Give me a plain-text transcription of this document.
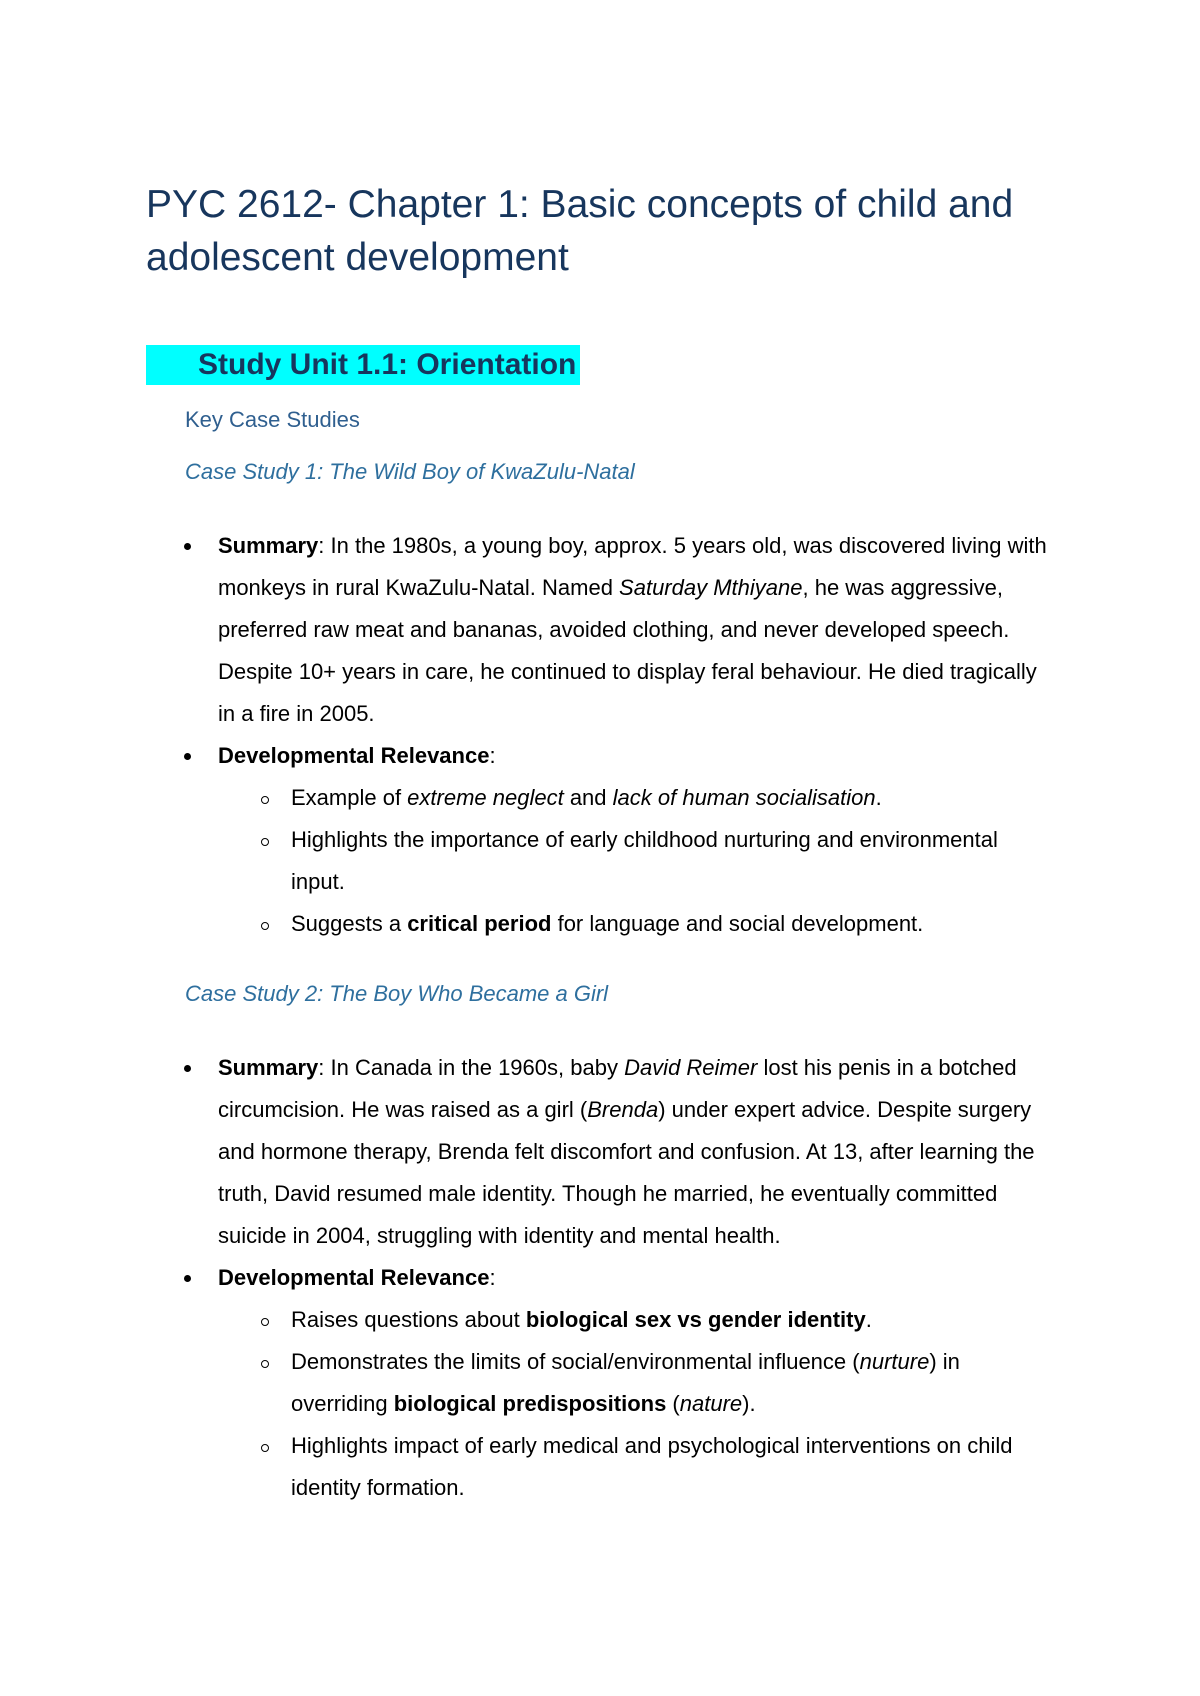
PYC 2612- Chapter 1: Basic concepts of child and adolescent development
Study Unit 1.1: Orientation
Key Case Studies
Case Study 1: The Wild Boy of KwaZulu-Natal
Summary: In the 1980s, a young boy, approx. 5 years old, was discovered living with monkeys in rural KwaZulu-Natal. Named Saturday Mthiyane, he was aggressive, preferred raw meat and bananas, avoided clothing, and never developed speech. Despite 10+ years in care, he continued to display feral behaviour. He died tragically in a fire in 2005.
Developmental Relevance:
Example of extreme neglect and lack of human socialisation.
Highlights the importance of early childhood nurturing and environmental input.
Suggests a critical period for language and social development.
Case Study 2: The Boy Who Became a Girl
Summary: In Canada in the 1960s, baby David Reimer lost his penis in a botched circumcision. He was raised as a girl (Brenda) under expert advice. Despite surgery and hormone therapy, Brenda felt discomfort and confusion. At 13, after learning the truth, David resumed male identity. Though he married, he eventually committed suicide in 2004, struggling with identity and mental health.
Developmental Relevance:
Raises questions about biological sex vs gender identity.
Demonstrates the limits of social/environmental influence (nurture) in overriding biological predispositions (nature).
Highlights impact of early medical and psychological interventions on child identity formation.
